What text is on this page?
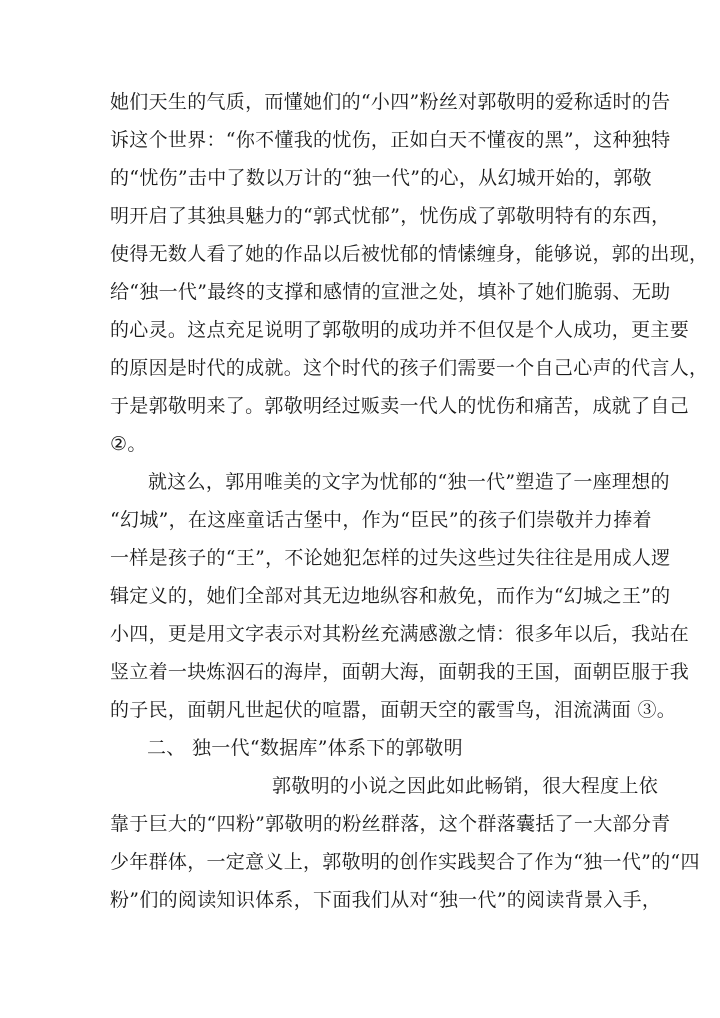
她们天生的气质，而懂她们的“小四”粉丝对郭敬明的爱称适时的告
诉这个世界：“你不懂我的忧伤，正如白天不懂夜的黑”，这种独特
的“忧伤”击中了数以万计的“独一代”的心，从幻城开始的，郭敬
明开启了其独具魅力的“郭式忧郁”，忧伤成了郭敬明特有的东西，
使得无数人看了她的作品以后被忧郁的情愫缠身，能够说，郭的出现，
给“独一代”最终的支撑和感情的宣泄之处，填补了她们脆弱、无助
的心灵。这点充足说明了郭敬明的成功并不但仅是个人成功，更主要
的原因是时代的成就。这个时代的孩子们需要一个自己心声的代言人，
于是郭敬明来了。郭敬明经过贩卖一代人的忧伤和痛苦，成就了自己
②。
就这么，郭用唯美的文字为忧郁的“独一代”塑造了一座理想的
“幻城”，在这座童话古堡中，作为“臣民”的孩子们崇敬并力捧着
一样是孩子的“王”，不论她犯怎样的过失这些过失往往是用成人逻
辑定义的，她们全部对其无边地纵容和赦免，而作为“幻城之王”的
小四，更是用文字表示对其粉丝充满感激之情：很多年以后，我站在
竖立着一块炼泅石的海岸，面朝大海，面朝我的王国，面朝臣服于我
的子民，面朝凡世起伏的喧嚣，面朝天空的霰雪鸟，泪流满面 ③。
二、 独一代“数据库”体系下的郭敬明
郭敬明的小说之因此如此畅销，很大程度上依
靠于巨大的“四粉”郭敬明的粉丝群落，这个群落囊括了一大部分青
少年群体，一定意义上，郭敬明的创作实践契合了作为“独一代”的“四
粉”们的阅读知识体系，下面我们从对“独一代”的阅读背景入手，
